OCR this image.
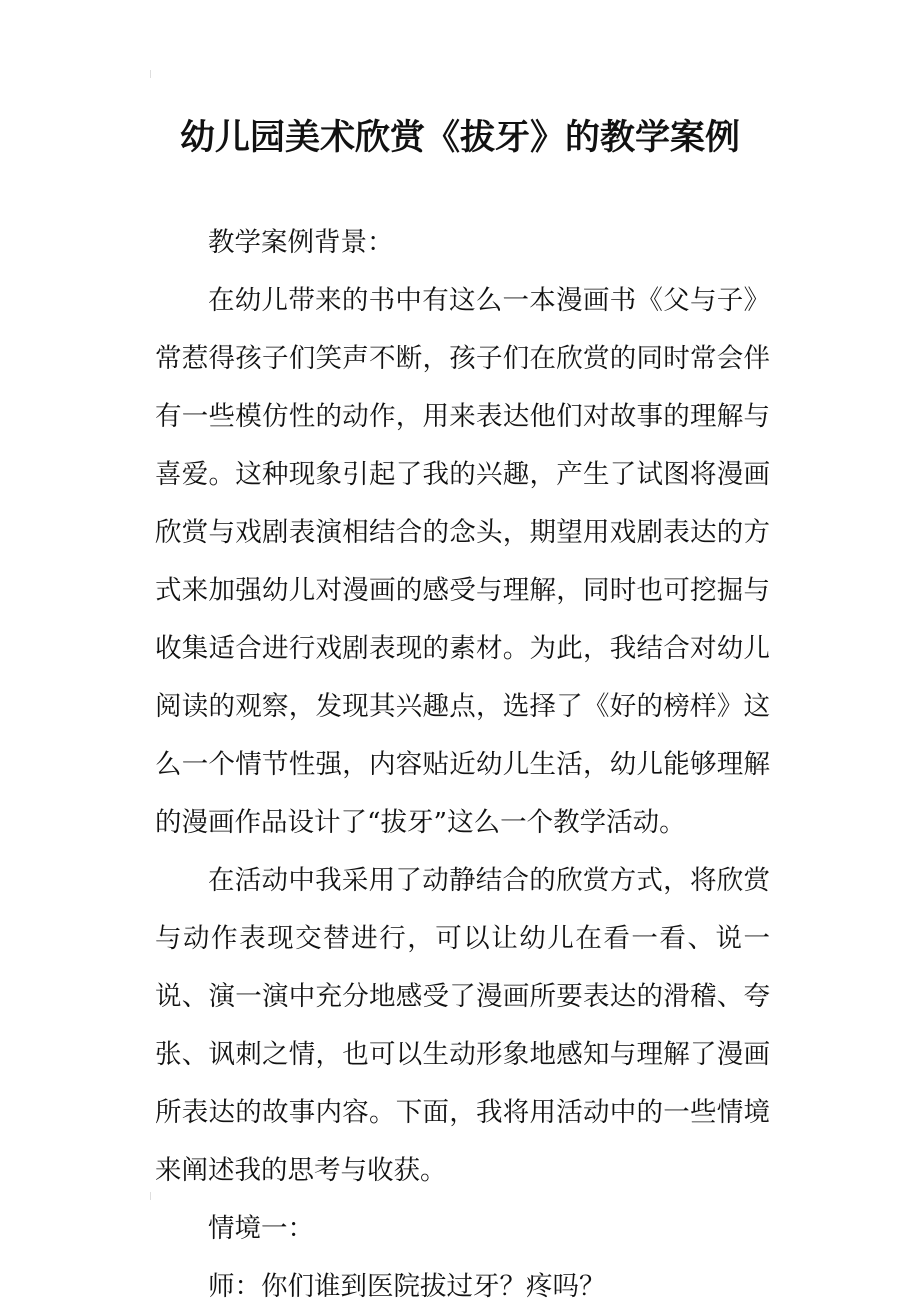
幼儿园美术欣赏《拔牙》的教学案例

教学案例背景：

在幼儿带来的书中有这么一本漫画书《父与子》常惹得孩子们笑声不断，孩子们在欣赏的同时常会伴有一些模仿性的动作，用来表达他们对故事的理解与喜爱。这种现象引起了我的兴趣，产生了试图将漫画欣赏与戏剧表演相结合的念头，期望用戏剧表达的方式来加强幼儿对漫画的感受与理解，同时也可挖掘与收集适合进行戏剧表现的素材。为此，我结合对幼儿阅读的观察，发现其兴趣点，选择了《好的榜样》这么一个情节性强，内容贴近幼儿生活，幼儿能够理解的漫画作品设计了“拔牙”这么一个教学活动。

在活动中我采用了动静结合的欣赏方式，将欣赏与动作表现交替进行，可以让幼儿在看一看、说一说、演一演中充分地感受了漫画所要表达的滑稽、夸张、讽刺之情，也可以生动形象地感知与理解了漫画所表达的故事内容。下面，我将用活动中的一些情境来阐述我的思考与收获。

情境一：

师：你们谁到医院拔过牙？疼吗？
